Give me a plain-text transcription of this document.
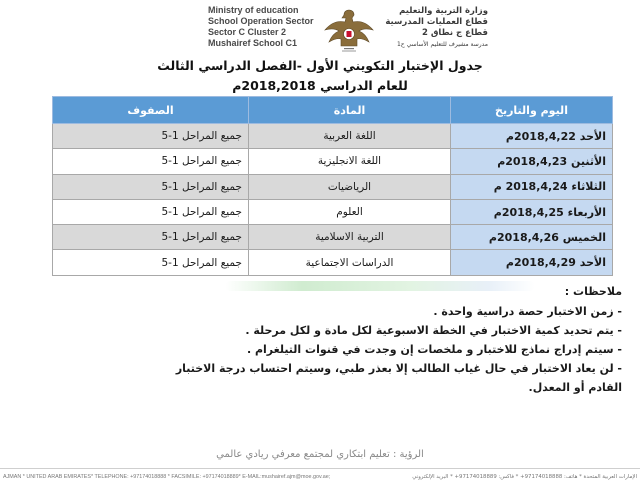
Ministry of education
School Operation Sector
Sector C Cluster 2
Mushairef School C1
وزارة التربية والتعليم
قطاع العمليات المدرسية
قطاع ج نطاق 2
مدرسة مشيرف للتعليم الأساسي ح1
جدول الإختبار التكويني الأول -الفصل الدراسي الثالث
للعام الدراسي 2018,2018م
اليوم والتاريخ	المادة	الصفوف
الأحد 2018,4,22م	اللغة العربية	جميع المراحل 1-5
الأثنين 2018,4,23م	اللغة الانجليزية	جميع المراحل 1-5
الثلاثاء 2018,4,24 م	الرياضيات	جميع المراحل 1-5
الأربعاء 2018,4,25م	العلوم	جميع المراحل 1-5
الخميس 2018,4,26م	التربية الاسلامية	جميع المراحل 1-5
الأحد 2018,4,29م	الدراسات الاجتماعية	جميع المراحل 1-5
ملاحظات :
- زمن الاختبار حصة دراسية واحدة .
- يتم تحديد كمية الاختبار في الخطة الاسبوعية لكل مادة و لكل مرحلة .
- سيتم إدراج نماذج للاختبار و ملخصات إن وجدت في قنوات التيلغرام .
- لن يعاد الاختبار في حال غياب الطالب إلا بعذر طبي، وسيتم احتساب درجة الاختبار القادم أو المعدل.
الرؤية : تعليم ابتكاري لمجتمع معرفي ريادي عالمي
AJMAN * UNITED ARAB EMIRATES* TELEPHONE: +97174018888 * FACSIMILE: +97174018889* E-MAIL:mushairef.ajm@moe.gov.ae;	الإمارات العربية المتحدة * هاتف: 97174018888+ * فاكس: 97174018889+ * البريد الإلكتروني
